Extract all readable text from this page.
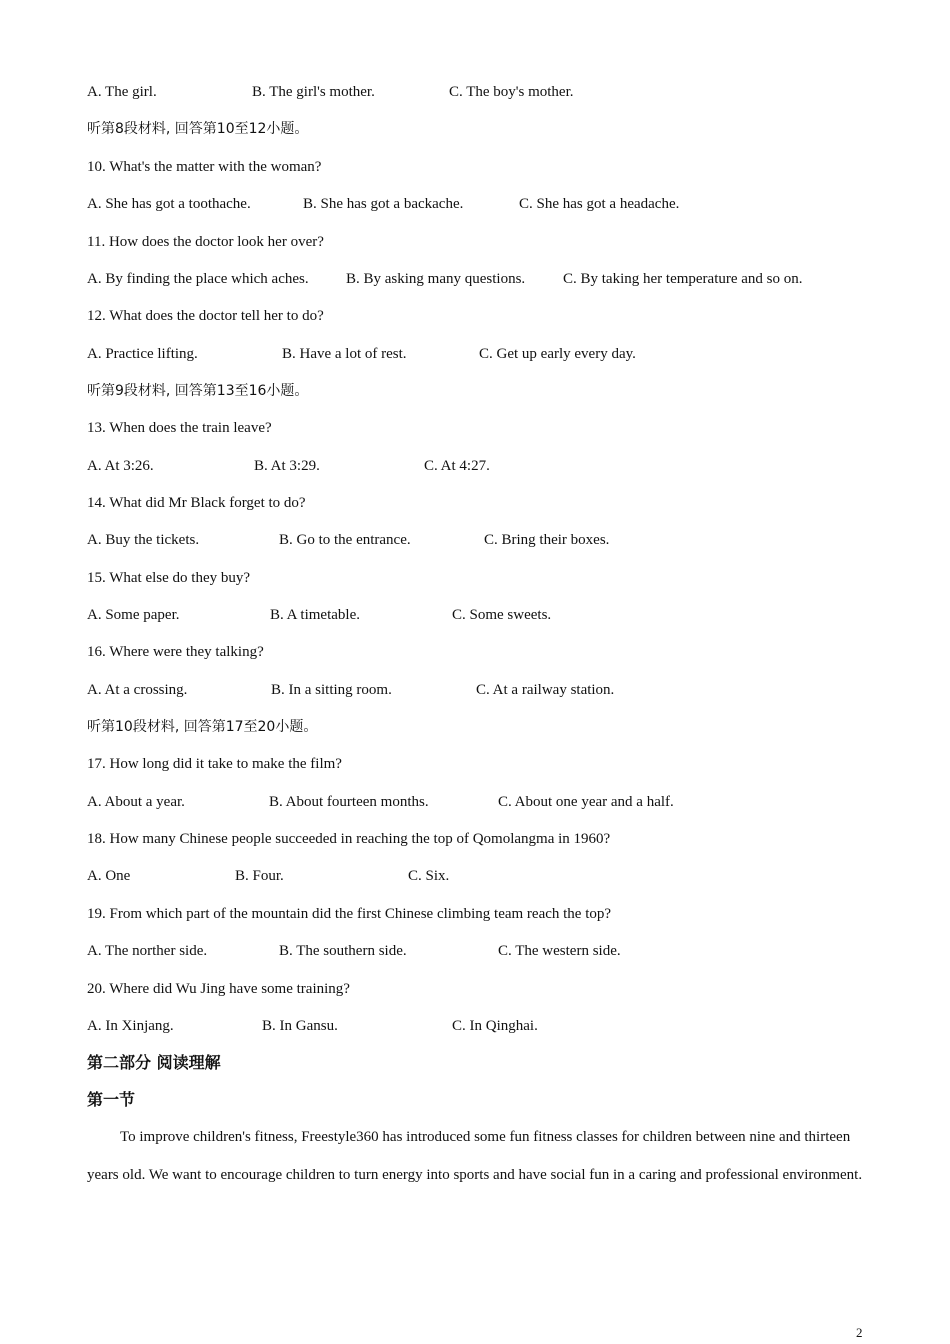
A. The girl.	B. The girl's mother.	C. The boy's mother.
听第8段材料, 回答第10至12小题。
10. What's the matter with the woman?
A. She has got a toothache.	B. She has got a backache.	C. She has got a headache.
11. How does the doctor look her over?
A. By finding the place which aches. B. By asking many questions.	C. By taking her temperature and so on.
12. What does the doctor tell her to do?
A. Practice lifting.	B. Have a lot of rest.	C. Get up early every day.
听第9段材料, 回答第13至16小题。
13. When does the train leave?
A. At 3:26.	B. At 3:29.	C. At 4:27.
14. What did Mr Black forget to do?
A. Buy the tickets.	B. Go to the entrance.	C. Bring their boxes.
15. What else do they buy?
A. Some paper.	B. A timetable.	C. Some sweets.
16. Where were they talking?
A. At a crossing.	B. In a sitting room.	C. At a railway station.
听第10段材料, 回答第17至20小题。
17. How long did it take to make the film?
A. About a year.	B. About fourteen months.	C. About one year and a half.
18. How many Chinese people succeeded in reaching the top of Qomolangma in 1960?
A. One	B. Four.	C. Six.
19. From which part of the mountain did the first Chinese climbing team reach the top?
A. The norther side.	B. The southern side.	C. The western side.
20. Where did Wu Jing have some training?
A. In Xinjang.	B. In Gansu.	C. In Qinghai.
第二部分 阅读理解
第一节
To improve children's fitness, Freestyle360 has introduced some fun fitness classes for children between nine and thirteen years old. We want to encourage children to turn energy into sports and have social fun in a caring and professional environment.
2
